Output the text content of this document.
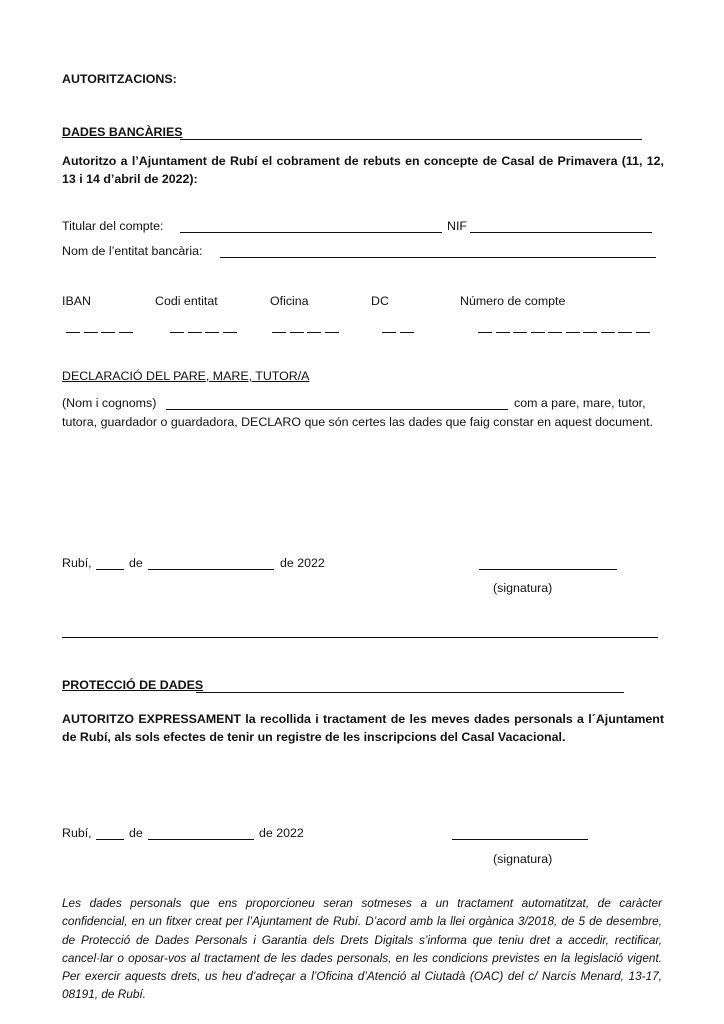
AUTORITZACIONS:
DADES BANCÀRIES
Autoritzo a l’Ajuntament de Rubí el cobrament de rebuts en concepte de Casal de Primavera (11, 12, 13 i 14 d’abril de 2022):
Titular del compte:	NIF
Nom de l’entitat bancària:
IBAN	Codi entitat	Oficina	DC	Número de compte
DECLARACIÓ DEL PARE, MARE, TUTOR/A
(Nom i cognoms)	com a pare, mare, tutor,
tutora, guardador o guardadora, DECLARO que són certes las dades que faig constar en aquest document.
Rubí,	de	de 2022
(signatura)
PROTECCIÓ DE DADES
AUTORITZO EXPRESSAMENT la recollida i tractament de les meves dades personals a l´Ajuntament de Rubí, als sols efectes de tenir un registre de les inscripcions del Casal Vacacional.
Rubí,	de	de 2022
(signatura)
Les dades personals que ens proporcioneu seran sotmeses a un tractament automatitzat, de caràcter confidencial, en un fitxer creat per l’Ajuntament de Rubí. D’acord amb la llei orgànica 3/2018, de 5 de desembre, de Protecció de Dades Personals i Garantia dels Drets Digitals s’informa que teniu dret a accedir, rectificar, cancel·lar o oposar-vos al tractament de les dades personals, en les condicions previstes en la legislació vigent. Per exercir aquests drets, us heu d’adreçar a l’Oficina d’Atenció al Ciutadà (OAC) del c/ Narcís Menard, 13-17, 08191, de Rubí.
